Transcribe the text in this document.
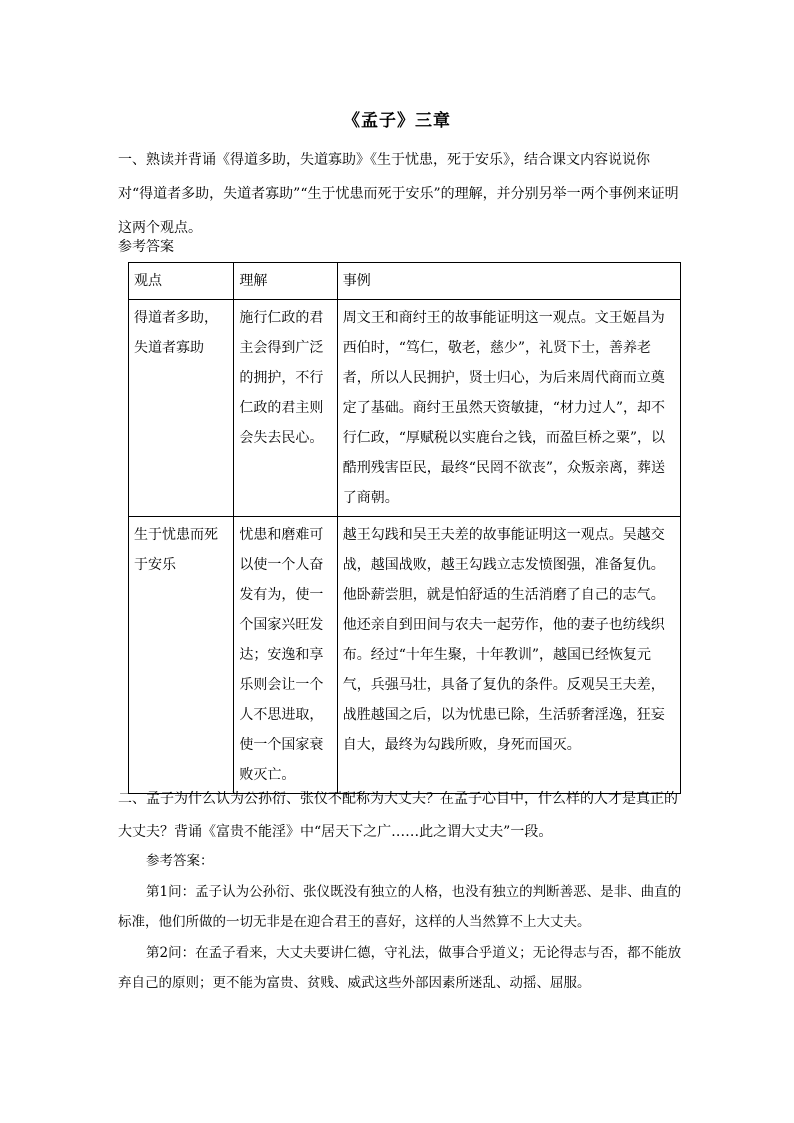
《孟子》三章
一、熟读并背诵《得道多助，失道寡助》《生于忧患，死于安乐》，结合课文内容说说你对“得道者多助，失道者寡助”“生于忧患而死于安乐”的理解，并分别另举一两个事例来证明这两个观点。
参考答案
观点	理解	事例
得道者多助，失道者寡助	施行仁政的君主会得到广泛的拥护，不行仁政的君主则会失去民心。	周文王和商纣王的故事能证明这一观点。文王姬昌为西伯时，“笃仁，敬老，慈少”，礼贤下士，善养老者，所以人民拥护，贤士归心，为后来周代商而立奠定了基础。商纣王虽然天资敏捷，“材力过人”，却不行仁政，“厚赋税以实鹿台之钱，而盈巨桥之粟”，以酷刑残害臣民，最终“民罔不欲丧”，众叛亲离，葬送了商朝。
生于忧患而死于安乐	忧患和磨难可以使一个人奋发有为，使一个国家兴旺发达；安逸和享乐则会让一个人不思进取，使一个国家衰败灭亡。	越王勾践和吴王夫差的故事能证明这一观点。吴越交战，越国战败，越王勾践立志发愤图强，准备复仇。他卧薪尝胆，就是怕舒适的生活消磨了自己的志气。他还亲自到田间与农夫一起劳作，他的妻子也纺线织布。经过“十年生聚，十年教训”，越国已经恢复元气，兵强马壮，具备了复仇的条件。反观吴王夫差，战胜越国之后，以为忧患已除，生活骄奢淫逸，狂妄自大，最终为勾践所败，身死而国灭。
二、孟子为什么认为公孙衍、张仪不配称为大丈夫？在孟子心目中，什么样的人才是真正的大丈夫？背诵《富贵不能淫》中“居天下之广……此之谓大丈夫”一段。
参考答案：
第1问：孟子认为公孙衍、张仪既没有独立的人格，也没有独立的判断善恶、是非、曲直的标准，他们所做的一切无非是在迎合君王的喜好，这样的人当然算不上大丈夫。
第2问：在孟子看来，大丈夫要讲仁德，守礼法，做事合乎道义；无论得志与否，都不能放弃自己的原则；更不能为富贵、贫贱、威武这些外部因素所迷乱、动摇、屈服。
